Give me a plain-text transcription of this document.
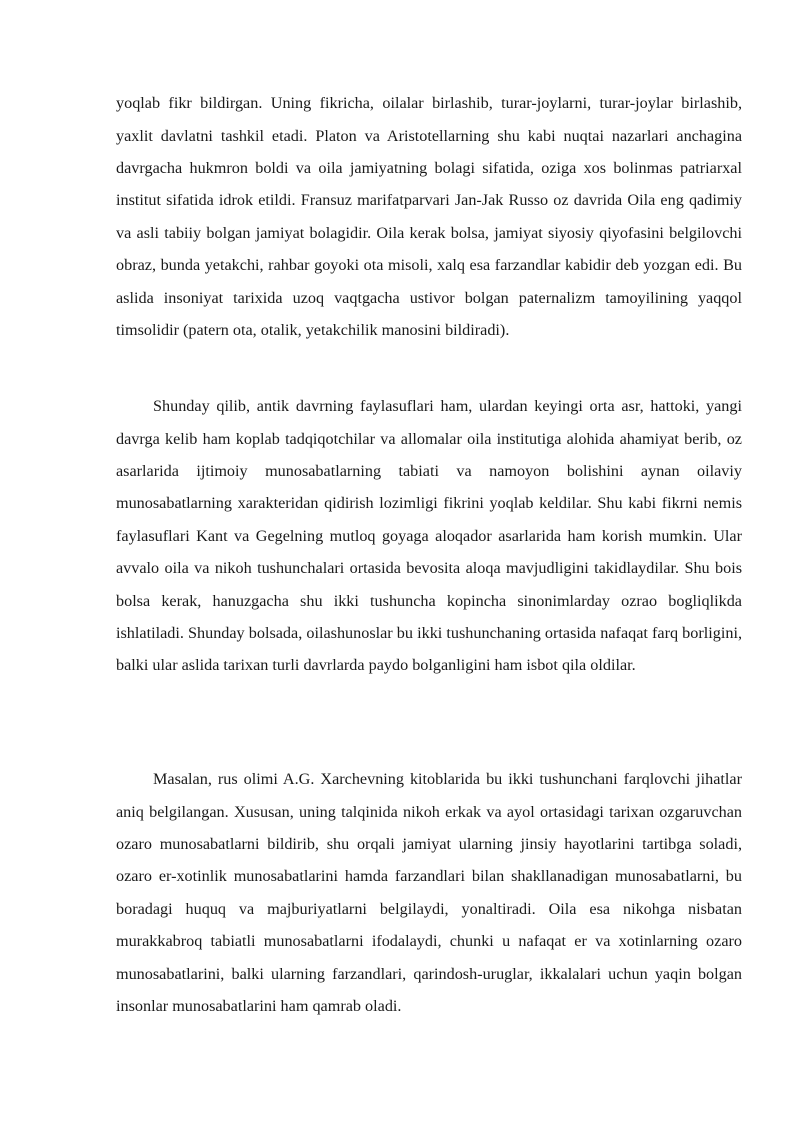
yoqlab fikr bildirgan. Uning fikricha, oilalar birlashib, turar-joylarni, turar-joylar birlashib, yaxlit davlatni tashkil etadi. Platon va Aristotellarning shu kabi nuqtai nazarlari anchagina davrgacha hukmron boldi va oila jamiyatning bolagi sifatida, oziga xos bolinmas patriarxal institut sifatida idrok etildi. Fransuz marifatparvari Jan-Jak Russo oz davrida Oila eng qadimiy va asli tabiiy bolgan jamiyat bolagidir. Oila kerak bolsa, jamiyat siyosiy qiyofasini belgilovchi obraz, bunda yetakchi, rahbar goyoki ota misoli, xalq esa farzandlar kabidir deb yozgan edi. Bu aslida insoniyat tarixida uzoq vaqtgacha ustivor bolgan paternalizm tamoyilining yaqqol timsolidir (patern ota, otalik, yetakchilik manosini bildiradi).

Shunday qilib, antik davrning faylasuflari ham, ulardan keyingi orta asr, hattoki, yangi davrga kelib ham koplab tadqiqotchilar va allomalar oila institutiga alohida ahamiyat berib, oz asarlarida ijtimoiy munosabatlarning tabiati va namoyon bolishini aynan oilaviy munosabatlarning xarakteridan qidirish lozimligi fikrini yoqlab keldilar. Shu kabi fikrni nemis faylasuflari Kant va Gegelning mutloq goyaga aloqador asarlarida ham korish mumkin. Ular avvalo oila va nikoh tushunchalari ortasida bevosita aloqa mavjudligini takidlaydilar. Shu bois bolsa kerak, hanuzgacha shu ikki tushuncha kopincha sinonimlarday ozrao bogliqlikda ishlatiladi. Shunday bolsada, oilashunoslar bu ikki tushunchaning ortasida nafaqat farq borligini, balki ular aslida tarixan turli davrlarda paydo bolganligini ham isbot qila oldilar.

Masalan, rus olimi A.G. Xarchevning kitoblarida bu ikki tushunchani farqlovchi jihatlar aniq belgilangan. Xususan, uning talqinida nikoh erkak va ayol ortasidagi tarixan ozgaruvchan ozaro munosabatlarni bildirib, shu orqali jamiyat ularning jinsiy hayotlarini tartibga soladi, ozaro er-xotinlik munosabatlarini hamda farzandlari bilan shakllanadigan munosabatlarni, bu boradagi huquq va majburiyatlarni belgilaydi, yonaltiradi. Oila esa nikohga nisbatan murakkabroq tabiatli munosabatlarni ifodalaydi, chunki u nafaqat er va xotinlarning ozaro munosabatlarini, balki ularning farzandlari, qarindosh-uruglar, ikkalalari uchun yaqin bolgan insonlar munosabatlarini ham qamrab oladi.
